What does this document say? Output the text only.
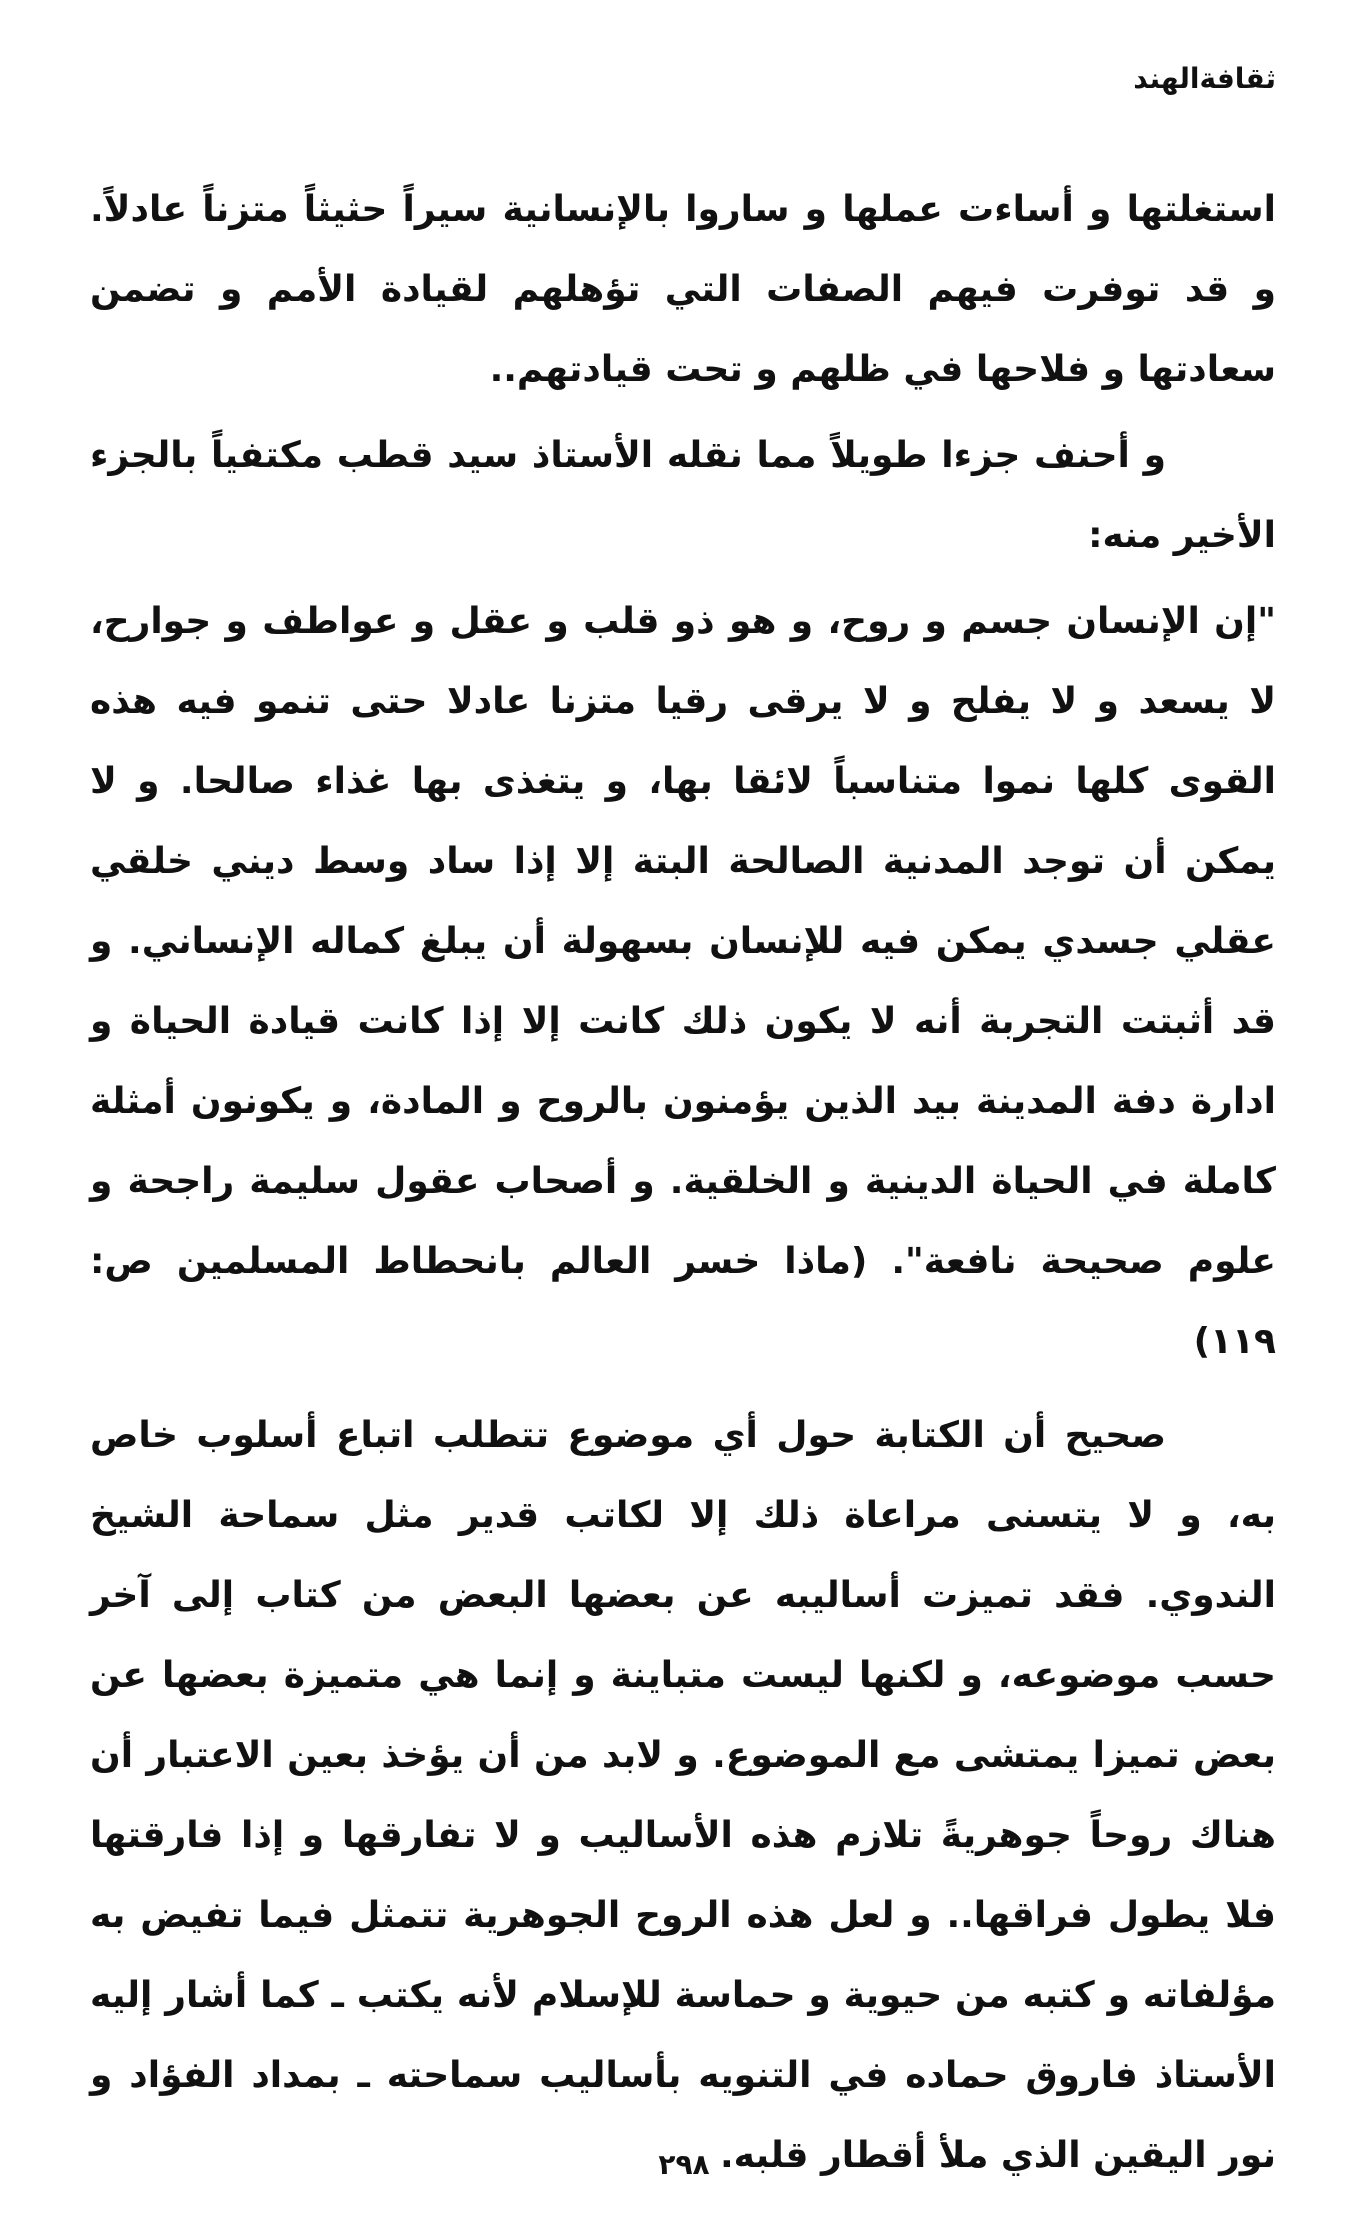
ثقافةالهند

استغلتها و أساءت عملها و ساروا بالإنسانية سيراً حثيثاً متزناً عادلاً. و قد توفرت فيهم الصفات التي تؤهلهم لقيادة الأمم و تضمن سعادتها و فلاحها في ظلهم و تحت قيادتهم..

و أحنف جزءا طويلاً مما نقله الأستاذ سيد قطب مكتفياً بالجزء الأخير منه:

"إن الإنسان جسم و روح، و هو ذو قلب و عقل و عواطف و جوارح، لا يسعد و لا يفلح و لا يرقى رقيا متزنا عادلا حتى تنمو فيه هذه القوى كلها نموا متناسباً لائقا بها، و يتغذى بها غذاء صالحا. و لا يمكن أن توجد المدنية الصالحة البتة إلا إذا ساد وسط ديني خلقي عقلي جسدي يمكن فيه للإنسان بسهولة أن يبلغ كماله الإنساني. و قد أثبتت التجربة أنه لا يكون ذلك كانت إلا إذا كانت قيادة الحياة و ادارة دفة المدينة بيد الذين يؤمنون بالروح و المادة، و يكونون أمثلة كاملة في الحياة الدينية و الخلقية. و أصحاب عقول سليمة راجحة و علوم صحيحة نافعة". (ماذا خسر العالم بانحطاط المسلمين ص: ١١٩)

صحيح أن الكتابة حول أي موضوع تتطلب اتباع أسلوب خاص به، و لا يتسنى مراعاة ذلك إلا لكاتب قدير مثل سماحة الشيخ الندوي. فقد تميزت أساليبه عن بعضها البعض من كتاب إلى آخر حسب موضوعه، و لكنها ليست متباينة و إنما هي متميزة بعضها عن بعض تميزا يمتشى مع الموضوع. و لابد من أن يؤخذ بعين الاعتبار أن هناك روحاً جوهريةً تلازم هذه الأساليب و لا تفارقها و إذا فارقتها فلا يطول فراقها.. و لعل هذه الروح الجوهرية تتمثل فيما تفيض به مؤلفاته و كتبه من حيوية و حماسة للإسلام لأنه يكتب ـ كما أشار إليه الأستاذ فاروق حماده في التنويه بأساليب سماحته ـ بمداد الفؤاد و نور اليقين الذي ملأ أقطار قلبه.

٢٩٨
